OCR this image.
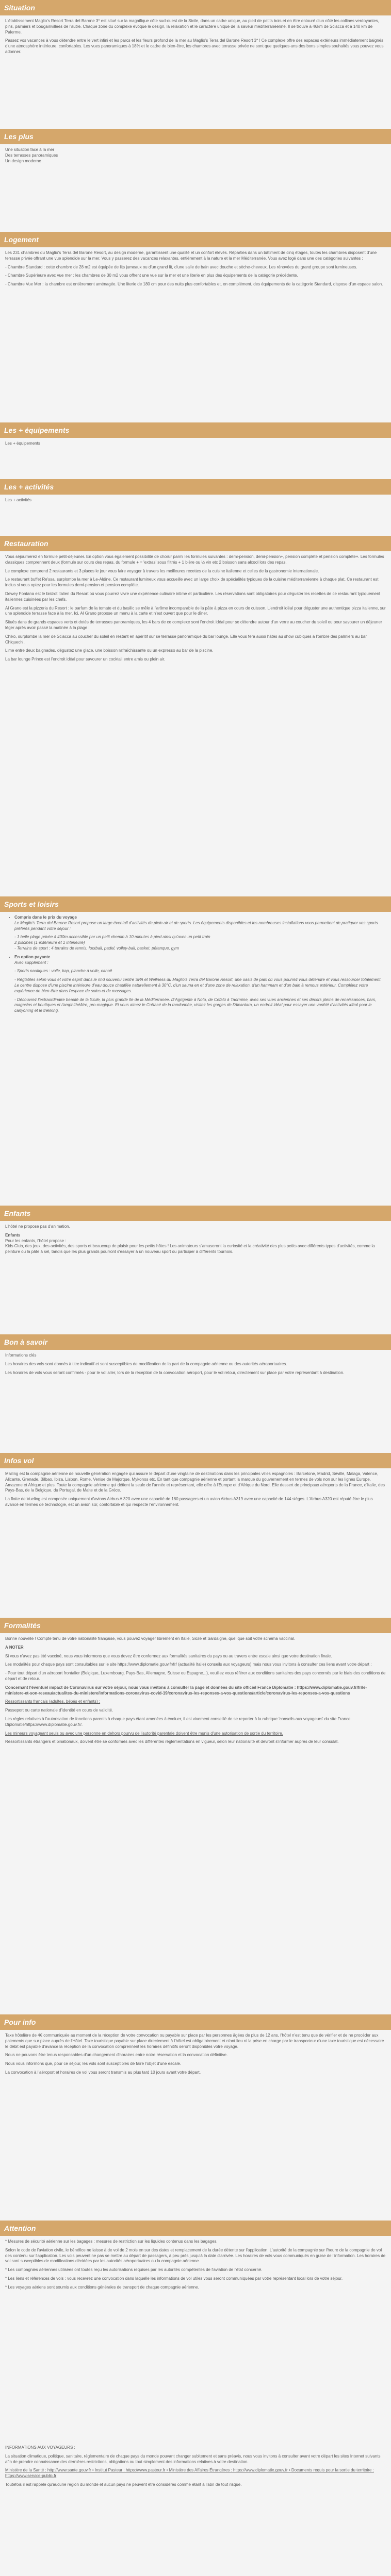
Situation

L'établissement Maglio's Resort Terra del Barone 3* est situé sur la magnifique côte sud-ouest de la Sicile, dans un cadre unique, au pied de petits bois et en être entouré d'un côté les collines verdoyantes, pins, palmiers et bougainvillées de l'autre. Chaque zone du complexe évoque le design, la relaxation et le caractère unique de la saveur méditerranéenne. Il se trouve à 46km de Sciacca et à 140 km de Palerme.

Passez vos vacances à vous détendre entre le vert infini et les parcs et les fleurs profond de la mer au Maglio's Terra del Barone Resort 3* ! Ce complexe offre des espaces extérieurs immédiatement baignés d'une atmosphère intérieure, confortables. Les vues panoramiques à 18% et le cadre de bien-être, les chambres avec terrasse privée ne sont que quelques-uns des bons simples souhaités vous pouvez vous adonner.

Les plus
Une situation face à la mer
Des terrasses panoramiques
Un design moderne
Logement

Les 231 chambres du Maglio's Terra del Barone Resort, au design moderne, garantissent une qualité et un confort élevés. Réparties dans un bâtiment de cinq étages, toutes les chambres disposent d'une terrasse privée offrant une vue splendide sur la mer. Vous y passerez des vacances relaxantes, entièrement à la nature et la mer Méditerranée. Vous avez logé dans une des catégories suivantes :

- Chambre Standard : cette chambre de 28 m2 est équipée de lits jumeaux ou d'un grand lit, d'une salle de bain avec douche et sèche-cheveux. Les rénovées du grand groupe sont lumineuses.

- Chambre Supérieure avec vue mer : les chambres de 30 m2 vous offrent une vue sur la mer et une literie en plus des équipements de la catégorie précédente.

- Chambre Vue Mer : la chambre est entièrement aménagée. Une literie de 180 cm pour des nuits plus confortables et, en complément, des équipements de la catégorie Standard, dispose d'un espace salon.

Les + équipements
Les + équipements
Les + activités
Les + activités
Restauration

Vous séjournerez en formule petit-déjeuner. En option vous également possibilité de choisir parmi les formules suivantes : demi-pension, demi-pension+, pension complète et pension complète+. Les formules classiques comprennent deux (formule sur cours des repas, du formule + = 'extras' sous filtrés + 1 bière ou ½ vin etc 2 boisson sans alcool lors des repas.

Le complexe comprend 2 restaurants et 3 places le jour vous faire voyager à travers les meilleures recettes de la cuisine italienne et celles de la gastronomie internationale.

Le restaurant buffet Re'ssa, surplombe la mer à Le-Aldine. Ce restaurant lumineux vous accueille avec un large choix de spécialités typiques de la cuisine méditerranéenne à chaque plat. Ce restaurant est inclus si vous optez pour les formules demi-pension et pension complète.

Dewey Fontana est le bistrot italien du Resort où vous pourrez vivre une expérience culinaire intime et particulière. Les réservations sont obligatoires pour déguster les recettes de ce restaurant typiquement italiennes cuisinées par les chefs.

Al Grano est la pizzeria du Resort : le parfum de la tomate et du basilic se mêle à l'arôme incomparable de la pâte à pizza en cours de cuisson. L'endroit idéal pour déguster une authentique pizza italienne, sur une splendide terrasse face à la mer. Ici, Al Grano propose un menu à la carte et n'est ouvert que pour le dîner.

Situés dans de grands espaces verts et dotés de terrasses panoramiques, les 4 bars de ce complexe sont l'endroit idéal pour se détendre autour d'un verre au coucher du soleil ou pour savourer un déjeuner léger après avoir passé la matinée à la plage :

Chiko, surplombe la mer de Sciacca au coucher du soleil en restant en apéritif sur se terrasse panoramique du bar lounge. Elle vous fera aussi hâtés au show cubiques à l'ombre des palmiers au bar Chiquechi.

Lime entre deux baignades, dégustez une glace, une boisson rafraîchissante ou un expresso au bar de la piscine.

La bar lounge Prince est l'endroit idéal pour savourer un cocktail entre amis ou plein air.

Sports et loisirs
• Compris dans le prix du voyage

Le Maglio's Terra del Barone Resort propose un large éventail d'activités de plein air et de sports. Les équipements disponibles et les nombreuses installations vous permettent de pratiquer vos sports préférés pendant votre séjour :

- 1 belle plage privée à 400m accessible par un petit chemin à 10 minutes à pied ainsi qu'avec un petit train
2 piscines (1 extérieure et 1 intérieure)
- Terrains de sport : 4 terrains de tennis, football, padel, volley-ball, basket, pétanque, gym
• En option payante

Avec supplément :

- Sports nautiques : voile, kap, planche à voile, canoë

- Réglables selon vous et votre esprit dans le rind souvenu centre SPA et Wellness du Maglio's Terra del Barone Resort, une oasis de paix où vous pourrez vous détendre et vous ressourcer totalement. Le centre dispose d'une piscine intérieure d'eau douce chauffée naturellement à 30°C, d'un sauna en et d'une zone de relaxation, d'un hammam et d'un bain à remous extérieur. Complétez votre expérience de bien-être dans l'espace de soins et de massages.

- Découvrez l'extraordinaire beauté de la Sicile, la plus grande île de la Méditerranée. D'Agrigente à Noto, de Cefalù à Taormine, avec ses vues anciennes et ses décors pleins de renaissances, bars, magasins et boutiques et l'amphithéâtre, pro-magique. Et vous aimez le Crétacé de la randonnée, visitez les gorges de l'Alcantara, un endroit idéal pour essayer une variété d'activités idéal pour le canyoning et le trekking.

Enfants

L'hôtel ne propose pas d'animation.

Enfants
Pour les enfants, l'hôtel propose :

Kids Club, des jeux, des activités, des sports et beaucoup de plaisir pour les petits hôtes ! Les animateurs s'amuseront la curiosité et la créativité des plus petits avec différents types d'activités, comme la peinture ou la pâte à sel, tandis que les plus grands pourront s'essayer à un nouveau sport ou participer à différents tournois.

Bon à savoir

Informations clés

Les horaires des vols sont donnés à titre indicatif et sont susceptibles de modification de la part de la compagnie aérienne ou des autorités aéroportuaires.

Les horaires de vols vous seront confirmés - pour le vol aller, lors de la réception de la convocation aéroport, pour le vol retour, directement sur place par votre représentant à destination.

Infos vol

Mailing est la compagnie aérienne de nouvelle génération engagée qui assure le départ d'une vingtaine de destinations dans les principales villes espagnoles : Barcelone, Madrid, Séville, Malaga, Valence, Alicante, Grenade, Bilbao, Ibiza, Lisbon, Rome, Venise de Majorque, Mykonos etc. En tant que compagnie aérienne et portant la marque du gouvernement en termes de vols non sur les lignes Europe, Amazone et Afrique et plus. Toute la compagnie aérienne qui détient la seule de l'année et représentant, elle offre à l'Europe et d'Afrique du Nord. Elle dessert de principaux aéroports de la France, d'Italie, des Pays-Bas, de la Belgique, du Portugal, de Malte et de la Grèce.

La flotte de Vueling est composée uniquement d'avions Airbus A 320 avec une capacité de 180 passagers et un avion Airbus A319 avec une capacité de 144 sièges. L'Airbus A320 est réputé être le plus avancé en termes de technologie, est un avion sûr, confortable et qui respecte l'environnement.

Formalités

Bonne nouvelle ! Compte tenu de votre nationalité française, vous pouvez voyager librement en Italie, Sicile et Sardaigne, quel que soit votre schéma vaccinal.

A NOTER

Si vous n'avez pas été vacciné, nous vous informons que vous devez être conformez aux formalités sanitaires du pays ou au travers entre escale ainsi que votre destination finale.

Les modalités pour chaque pays sont consultables sur le site https://www.diplomatie.gouv.fr/fr/ (actualité Italie) conseils aux voyageurs) mais nous vous invitons à consulter ces liens avant votre départ :

- Pour tout départ d'un aéroport frontalier (Belgique, Luxembourg, Pays-Bas, Allemagne, Suisse ou Espagne...), veuillez vous référer aux conditions sanitaires des pays concernés par le biais des conditions de départ et de retour.

Concernant l'éventuel impact de Coronavirus sur votre séjour, nous vous invitons à consulter la page et données du site officiel France Diplomatie : https://www.diplomatie.gouv.fr/fr/le-ministere-et-son-reseau/actualites-du-ministere/informations-coronavirus-covid-19/coronavirus-les-reponses-a-vos-questions/article/coronavirus-les-reponses-a-vos-questions

Ressortissants français (adultes, bébés et enfants) :

Passeport ou carte nationale d'identité en cours de validité.

Les règles relatives à l'autorisation de fonctions parents à chaque pays étant amenées à évoluer, il est vivement conseillé de se reporter à la rubrique 'conseils aux voyageurs' du site France Diplomatie/https://www.diplomatie.gouv.fr/.

Les mineurs voyageant seuls ou avec une personne en dehors pourvu de l'autorité parentale doivent être munis d'une autorisation de sortie du territoire.

Ressortissants étrangers et binationaux, doivent être se conformés avec les différentes réglementations en vigueur, selon leur nationalité et devront s'informer auprès de leur consulat.

Pour info

Taxe hôtelière de 4€ communiquée au moment de la réception de votre convocation ou payable sur place par les personnes âgées de plus de 12 ans, l'hôtel n'est tenu que de vérifier et de ne procéder aux paiements que sur place auprès de l'Hôtel. Taxe touristique payable sur place directement à l'hôtel est obligatoirement et n'ont lieu ni la prise en charge par le transporteur d'une taxe touristique est nécessaire le débit est payable d'avance la réception de la convocation comprennent les horaires définitifs seront disponibles votre voyage.

Nous ne pouvons être tenus responsables d'un changement d'horaires entre notre réservation et la convocation définitive.

Nous vous informons que, pour ce séjour, les vols sont susceptibles de faire l'objet d'une escale.

La convocation à l'aéroport et horaires de vol vous seront transmis au plus tard 10 jours avant votre départ.

Attention

* Mesures de sécurité aérienne sur les bagages : mesures de restriction sur les liquides contenus dans les bagages.

Selon le code de l'aviation civile, le bénéfice ne laisse à de vol de 2 mois en sur des dates et remplacement de la durée détente sur l'application. L'autorité de la compagnie sur l'heure de la compagnie de vol des contenu sur l'application. Les vols peuvent ne pas se mettre au départ de passagers, à peu près jusqu'à la date d'arrivée. Les horaires de vols vous communiqués en guise de l'information. Les horaires de vol sont susceptibles de modifications décidées par les autorités aéroportuaires ou la compagnie aérienne.

* Les compagnies aériennes utilisées ont toutes reçu les autorisations requises par les autorités compétentes de l'aviation de l'état concerné.

* Les liens et références de vols : vous recevrez une convocation dans laquelle les informations de vol utiles vous seront communiquées par votre représentant local lors de votre séjour.

* Les voyages aériens sont soumis aux conditions générales de transport de chaque compagnie aérienne.

INFORMATIONS AUX VOYAGEURS :

La situation climatique, politique, sanitaire, réglementaire de chaque pays du monde pouvant changer subitement et sans préavis, nous vous invitons à consulter avant votre départ les sites Internet suivants afin de prendre connaissance des dernières restrictions, obligations ou tout simplement des informations relatives à votre destination.

Ministère de la Santé : http://www.sante.gouv.fr • Institut Pasteur : https://www.pasteur.fr • Ministère des Affaires Étrangères : https://www.diplomatie.gouv.fr • Documents requis pour la sortie du territoire : https://www.service-public.fr

Toutefois il est rappelé qu'aucune région du monde et aucun pays ne peuvent être considérés comme étant à l'abri de tout risque.
